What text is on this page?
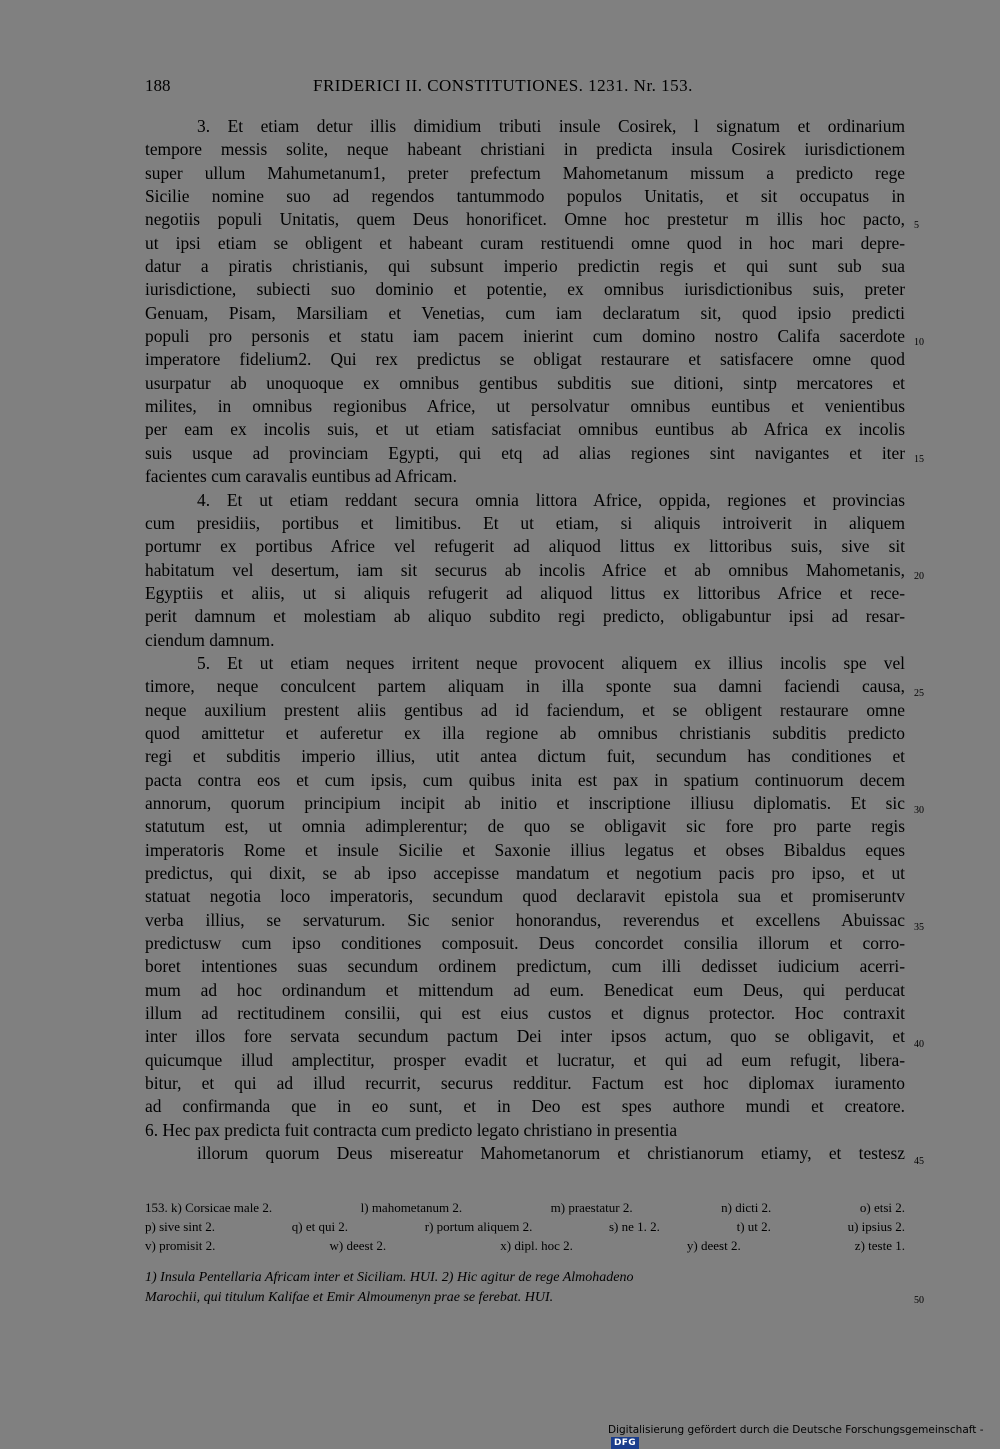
188	FRIDERICI II. CONSTITUTIONES. 1231. Nr. 153.
3. Et etiam detur illis dimidium tributi insule Cosirek, l signatum et ordinarium
tempore messis solite, neque habeant christiani in predicta insula Cosirek iurisdictionem
super ullum Mahumetanum1, preter prefectum Mahometanum missum a predicto rege
Sicilie nomine suo ad regendos tantummodo populos Unitatis, et sit occupatus in
negotiis populi Unitatis, quem Deus honorificet. Omne hoc prestetur m illis hoc pacto,
ut ipsi etiam se obligent et habeant curam restituendi omne quod in hoc mari depre-
datur a piratis christianis, qui subsunt imperio predictin regis et qui sunt sub sua
iurisdictione, subiecti suo dominio et potentie, ex omnibus iurisdictionibus suis, preter
Genuam, Pisam, Marsiliam et Venetias, cum iam declaratum sit, quod ipsio predicti
populi pro personis et statu iam pacem inierint cum domino nostro Califa sacerdote
imperatore fidelium2. Qui rex predictus se obligat restaurare et satisfacere omne quod
usurpatur ab unoquoque ex omnibus gentibus subditis sue ditioni, sintp mercatores et
milites, in omnibus regionibus Africe, ut persolvatur omnibus euntibus et venientibus
per eam ex incolis suis, et ut etiam satisfaciat omnibus euntibus ab Africa ex incolis
suis usque ad provinciam Egypti, qui etq ad alias regiones sint navigantes et iter
facientes cum caravalis euntibus ad Africam.
4. Et ut etiam reddant secura omnia littora Africe, oppida, regiones et provincias
cum presidiis, portibus et limitibus. Et ut etiam, si aliquis introiverit in aliquem
portumr ex portibus Africe vel refugerit ad aliquod littus ex littoribus suis, sive sit
habitatum vel desertum, iam sit securus ab incolis Africe et ab omnibus Mahometanis,
Egyptiis et aliis, ut si aliquis refugerit ad aliquod littus ex littoribus Africe et rece-
perit damnum et molestiam ab aliquo subdito regi predicto, obligabuntur ipsi ad resar-
ciendum damnum.
5. Et ut etiam neques irritent neque provocent aliquem ex illius incolis spe vel
timore, neque conculcent partem aliquam in illa sponte sua damni faciendi causa,
neque auxilium prestent aliis gentibus ad id faciendum, et se obligent restaurare omne
quod amittetur et auferetur ex illa regione ab omnibus christianis subditis predicto
regi et subditis imperio illius, utit antea dictum fuit, secundum has conditiones et
pacta contra eos et cum ipsis, cum quibus inita est pax in spatium continuorum decem
annorum, quorum principium incipit ab initio et inscriptione illiusu diplomatis. Et sic
statutum est, ut omnia adimplerentur; de quo se obligavit sic fore pro parte regis
imperatoris Rome et insule Sicilie et Saxonie illius legatus et obses Bibaldus eques
predictus, qui dixit, se ab ipso accepisse mandatum et negotium pacis pro ipso, et ut
statuat negotia loco imperatoris, secundum quod declaravit epistola sua et promiseruntv
verba illius, se servaturum. Sic senior honorandus, reverendus et excellens Abuissac
predictusw cum ipso conditiones composuit. Deus concordet consilia illorum et corro-
boret intentiones suas secundum ordinem predictum, cum illi dedisset iudicium acerri-
mum ad hoc ordinandum et mittendum ad eum. Benedicat eum Deus, qui perducat
illum ad rectitudinem consilii, qui est eius custos et dignus protector. Hoc contraxit
inter illos fore servata secundum pactum Dei inter ipsos actum, quo se obligavit, et
quicumque illud amplectitur, prosper evadit et lucratur, et qui ad eum refugit, libera-
bitur, et qui ad illud recurrit, securus redditur. Factum est hoc diplomax iuramento
ad confirmanda que in eo sunt, et in Deo est spes authore mundi et creatore.
6. Hec pax predicta fuit contracta cum predicto legato christiano in presentia
illorum quorum Deus misereatur Mahometanorum et christianorum etiamy, et testesz
5
10
15
20
25
30
35
40
45
50
153. k) Corsicae male 2.	l) mahometanum 2.	m) praestatur 2.	n) dicti 2.	o) etsi 2.
p) sive sint 2.	q) et qui 2.	r) portum aliquem 2.	s) ne 1. 2.	t) ut 2.	u) ipsius 2.
v) promisit 2.	w) deest 2.	x) dipl. hoc 2.	y) deest 2.	z) teste 1.
1) Insula Pentellaria Africam inter et Siciliam. HUI. 2) Hic agitur de rege Almohadeno
Marochii, qui titulum Kalifae et Emir Almoumenyn prae se ferebat. HUI.
Digitalisierung gefördert durch die Deutsche Forschungsgemeinschaft -DFG
